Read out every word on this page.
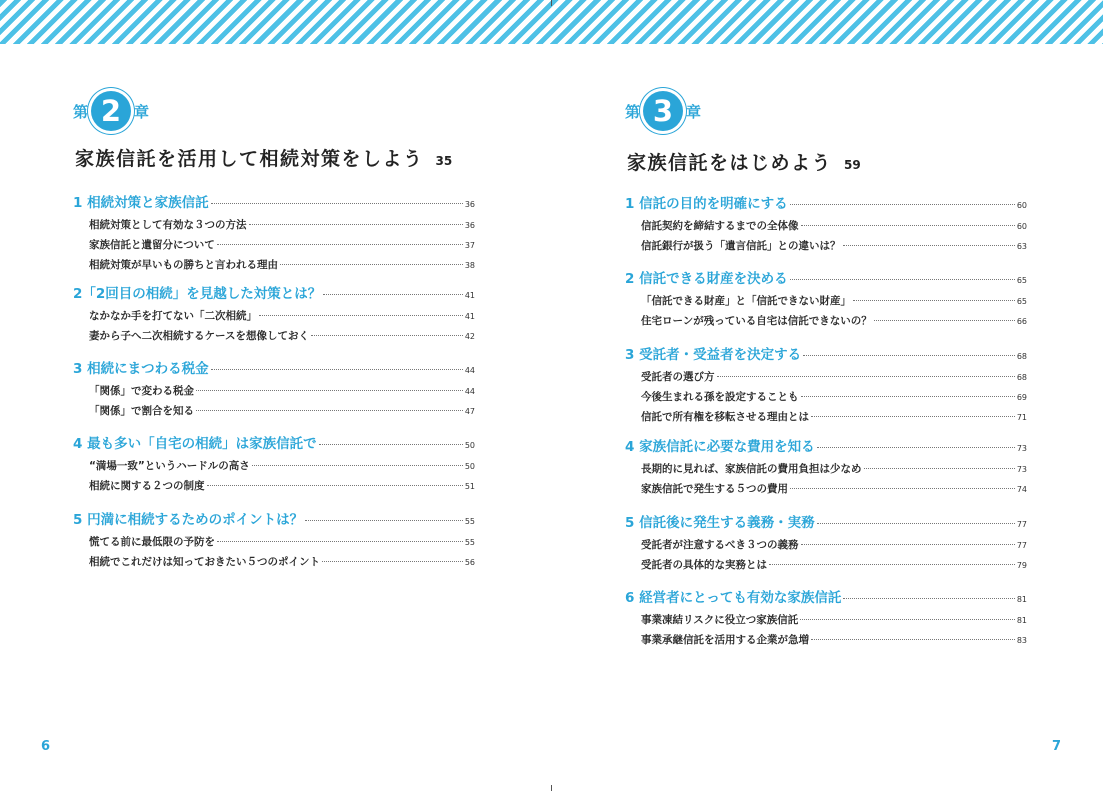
第 2 章
家族信託を活用して相続対策をしよう 35
1 相続対策と家族信託	36
相続対策として有効な３つの方法	36
家族信託と遺留分について	37
相続対策が早いもの勝ちと言われる理由	38
2「2回目の相続」を見越した対策とは？	41
なかなか手を打てない「二次相続」	41
妻から子へ二次相続するケースを想像しておく	42
3 相続にまつわる税金	44
「関係」で変わる税金	44
「関係」で割合を知る	47
4 最も多い「自宅の相続」は家族信託で	50
“満場一致”というハードルの高さ	50
相続に関する２つの制度	51
5 円満に相続するためのポイントは？	55
慌てる前に最低限の予防を	55
相続でこれだけは知っておきたい５つのポイント	56
6
第 3 章
家族信託をはじめよう 59
1 信託の目的を明確にする	60
信託契約を締結するまでの全体像	60
信託銀行が扱う「遺言信託」との違いは？	63
2 信託できる財産を決める	65
「信託できる財産」と「信託できない財産」	65
住宅ローンが残っている自宅は信託できないの？	66
3 受託者・受益者を決定する	68
受託者の選び方	68
今後生まれる孫を設定することも	69
信託で所有権を移転させる理由とは	71
4 家族信託に必要な費用を知る	73
長期的に見れば、家族信託の費用負担は少なめ	73
家族信託で発生する５つの費用	74
5 信託後に発生する義務・実務	77
受託者が注意するべき３つの義務	77
受託者の具体的な実務とは	79
6 経営者にとっても有効な家族信託	81
事業凍結リスクに役立つ家族信託	81
事業承継信託を活用する企業が急増	83
7
